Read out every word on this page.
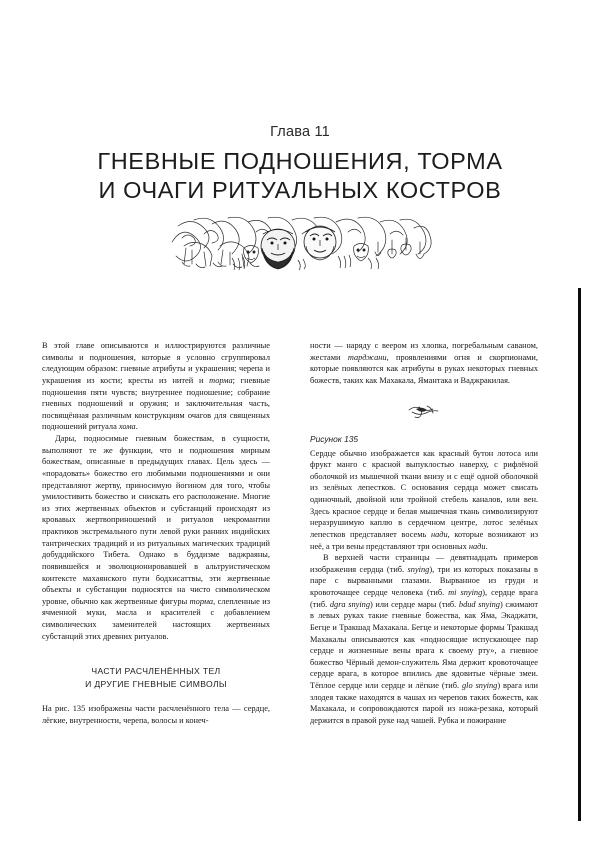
Глава 11

ГНЕВНЫЕ ПОДНОШЕНИЯ, ТОРМА
И ОЧАГИ РИТУАЛЬНЫХ КОСТРОВ

В этой главе описываются и иллюстрируются различные символы и подношения, которые я условно сгруппировал следующим образом: гневные атрибуты и украшения; черепа и украшения из кости; кресты из нитей и торма; гневные подношения пяти чувств; внутреннее подношение; собрание гневных подношений и оружия; и заключительная часть, посвящённая различным конструкциям очагов для священных подношений ритуала хома.

Дары, подносимые гневным божествам, в сущности, выполняют те же функции, что и подношения мирным божествам, описанные в предыдущих главах. Цель здесь — «порадовать» божество его любимыми подношениями и они представляют жертву, приносимую йогином для того, чтобы умилостивить божество и снискать его расположение. Многие из этих жертвенных объектов и субстанций происходят из кровавых жертвоприношений и ритуалов некромантии практиков экстремального пути левой руки ранних индийских тантрических традиций и из ритуальных магических традиций добуддийского Тибета. Однако в буддизме ваджраяны, появившейся и эволюционировавшей в альтруистическом контексте махаянского пути бодхисаттвы, эти жертвенные объекты и субстанции подносятся на чисто символическом уровне, обычно как жертвенные фигуры торма, слепленные из ячменной муки, масла и красителей с добавлением символических заменителей настоящих жертвенных субстанций этих древних ритуалов.

ЧАСТИ РАСЧЛЕНЁННЫХ ТЕЛ
И ДРУГИЕ ГНЕВНЫЕ СИМВОЛЫ

На рис. 135 изображены части расчленённого тела — сердце, лёгкие, внутренности, черепа, волосы и конеч-

ности — наряду с веером из хлопка, погребальным саваном, жестами тарджани, проявлениями огня и скорпионами, которые появляются как атрибуты в руках некоторых гневных божеств, таких как Махакала, Ямантака и Ваджракилая.

Рисунок 135

Сердце обычно изображается как красный бутон лотоса или фрукт манго с красной выпуклостью наверху, с рифлёной оболочкой из мышечной ткани внизу и с ещё одной оболочкой из зелёных лепестков. С основания сердца может свисать одиночный, двойной или тройной стебель каналов, или вен. Здесь красное сердце и белая мышечная ткань символизируют неразрушимую каплю в сердечном центре, лотос зелёных лепестков представляет восемь нади, которые возникают из неё, а три вены представляют три основных нади.

В верхней части страницы — девятнадцать примеров изображения сердца (тиб. snying), три из которых показаны в паре с вырванными глазами. Вырванное из груди и кровоточащее сердце человека (тиб. mi snying), сердце врага (тиб. dgra snying) или сердце мары (тиб. bdud snying) сжимают в левых руках такие гневные божества, как Яма, Экаджати, Бегце и Тракшад Махакала. Бегце и некоторые формы Тракшад Махакалы описываются как «подносящие испускающее пар сердце и жизненные вены врага к своему рту», а гневное божество Чёрный демон-служитель Яма держит кровоточащее сердце врага, в которое впились две ядовитые чёрные змеи. Тёплое сердце или сердце и лёгкие (тиб. glo snying) врага или злодея также находятся в чашах из черепов таких божеств, как Махакала, и сопровождаются парой из ножа-резака, который держится в правой руке над чашей. Рубка и пожирание
